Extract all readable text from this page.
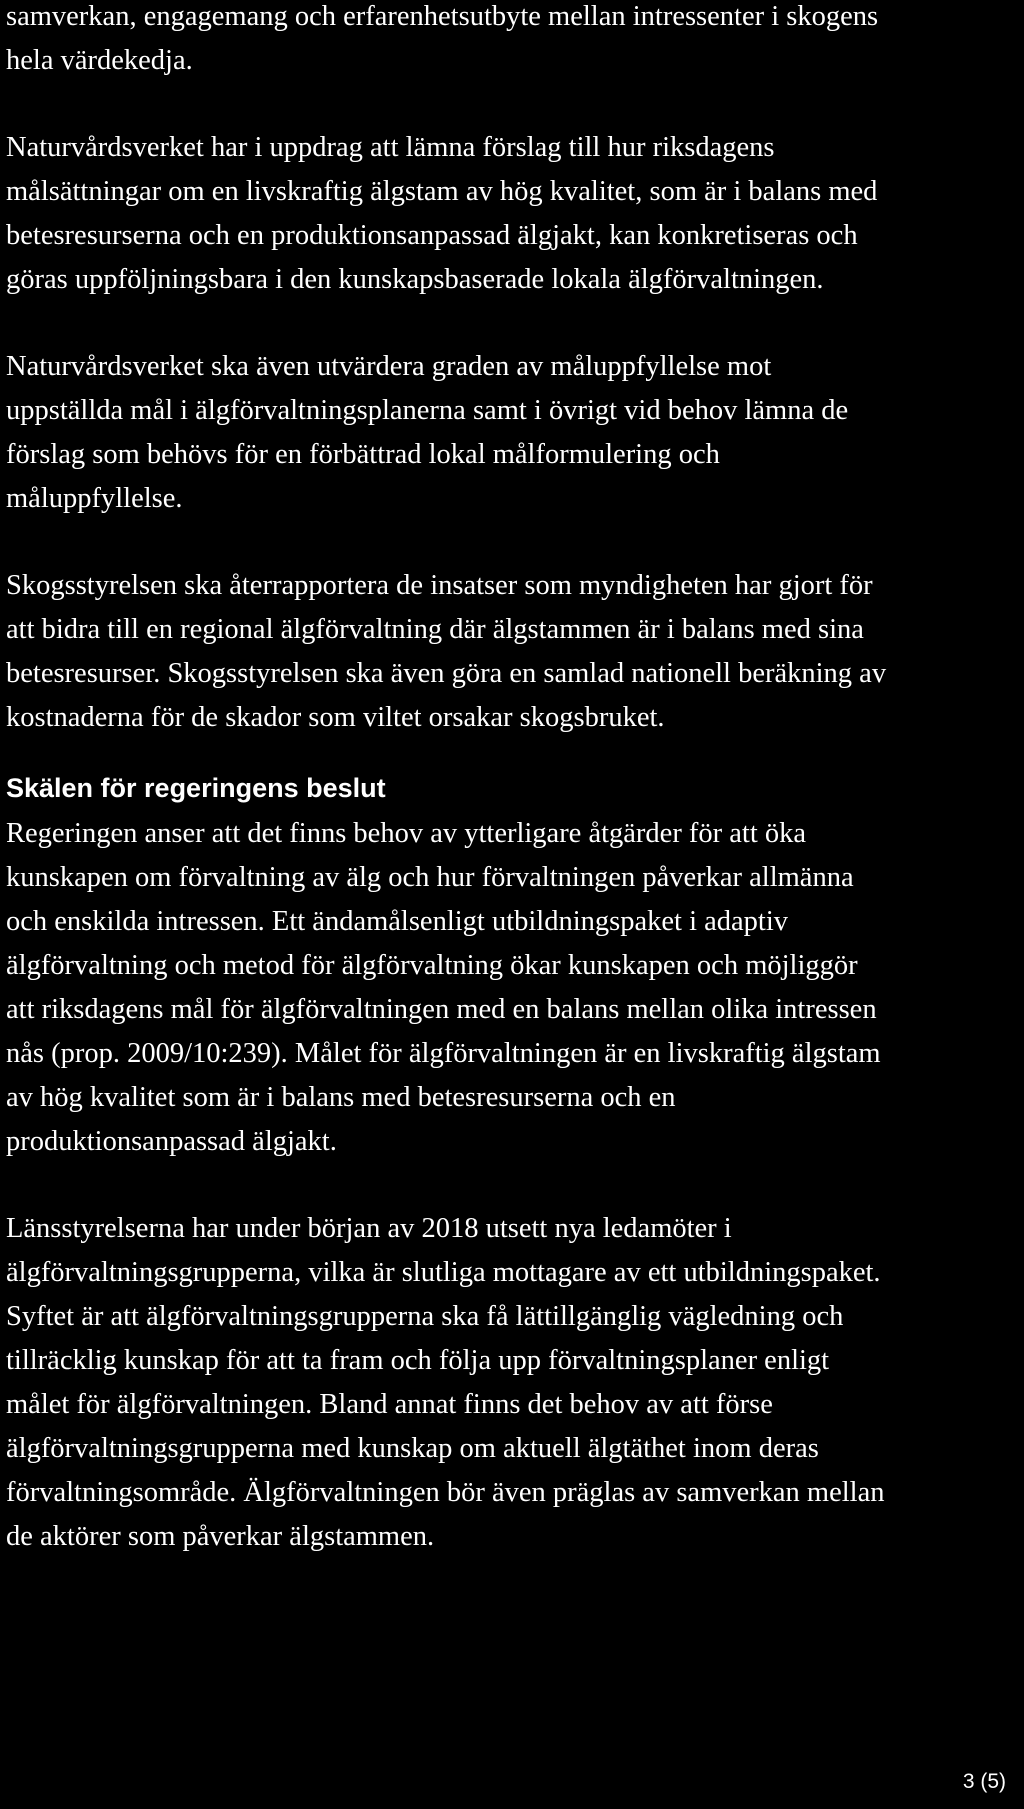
samverkan, engagemang och erfarenhetsutbyte mellan intressenter i skogens
hela värdekedja.

Naturvårdsverket har i uppdrag att lämna förslag till hur riksdagens
målsättningar om en livskraftig älgstam av hög kvalitet, som är i balans med
betesresurserna och en produktionsanpassad älgjakt, kan konkretiseras och
göras uppföljningsbara i den kunskapsbaserade lokala älgförvaltningen.

Naturvårdsverket ska även utvärdera graden av måluppfyllelse mot
uppställda mål i älgförvaltningsplanerna samt i övrigt vid behov lämna de
förslag som behövs för en förbättrad lokal målformulering och
måluppfyllelse.

Skogsstyrelsen ska återrapportera de insatser som myndigheten har gjort för
att bidra till en regional älgförvaltning där älgstammen är i balans med sina
betesresurser. Skogsstyrelsen ska även göra en samlad nationell beräkning av
kostnaderna för de skador som viltet orsakar skogsbruket.

Skälen för regeringens beslut

Regeringen anser att det finns behov av ytterligare åtgärder för att öka
kunskapen om förvaltning av älg och hur förvaltningen påverkar allmänna
och enskilda intressen. Ett ändamålsenligt utbildningspaket i adaptiv
älgförvaltning och metod för älgförvaltning ökar kunskapen och möjliggör
att riksdagens mål för älgförvaltningen med en balans mellan olika intressen
nås (prop. 2009/10:239). Målet för älgförvaltningen är en livskraftig älgstam
av hög kvalitet som är i balans med betesresurserna och en
produktionsanpassad älgjakt.

Länsstyrelserna har under början av 2018 utsett nya ledamöter i
älgförvaltningsgrupperna, vilka är slutliga mottagare av ett utbildningspaket.
Syftet är att älgförvaltningsgrupperna ska få lättillgänglig vägledning och
tillräcklig kunskap för att ta fram och följa upp förvaltningsplaner enligt
målet för älgförvaltningen. Bland annat finns det behov av att förse
älgförvaltningsgrupperna med kunskap om aktuell älgtäthet inom deras
förvaltningsområde. Älgförvaltningen bör även präglas av samverkan mellan
de aktörer som påverkar älgstammen.

3 (5)
